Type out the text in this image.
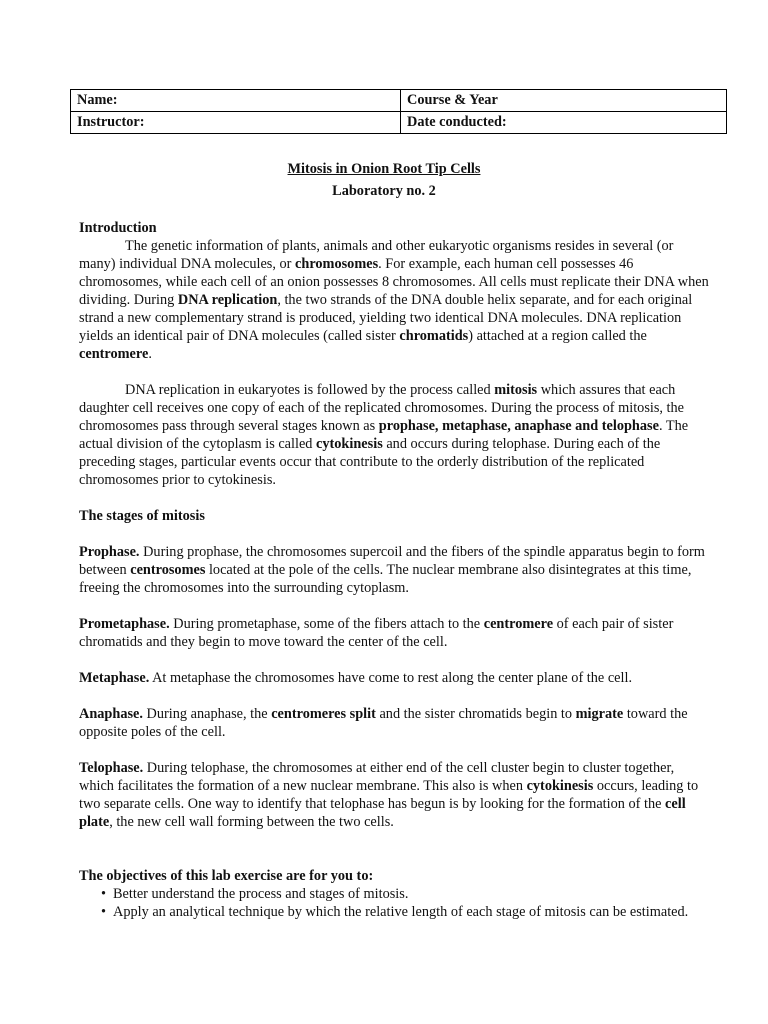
Name:	Course & Year
Instructor:	Date conducted:
Mitosis in Onion Root Tip Cells
Laboratory no. 2

Introduction

The genetic information of plants, animals and other eukaryotic organisms resides in several (or many) individual DNA molecules, or chromosomes. For example, each human cell possesses 46 chromosomes, while each cell of an onion possesses 8 chromosomes. All cells must replicate their DNA when dividing. During DNA replication, the two strands of the DNA double helix separate, and for each original strand a new complementary strand is produced, yielding two identical DNA molecules. DNA replication yields an identical pair of DNA molecules (called sister chromatids) attached at a region called the centromere.

DNA replication in eukaryotes is followed by the process called mitosis which assures that each daughter cell receives one copy of each of the replicated chromosomes. During the process of mitosis, the chromosomes pass through several stages known as prophase, metaphase, anaphase and telophase. The actual division of the cytoplasm is called cytokinesis and occurs during telophase. During each of the preceding stages, particular events occur that contribute to the orderly distribution of the replicated chromosomes prior to cytokinesis.

The stages of mitosis

Prophase. During prophase, the chromosomes supercoil and the fibers of the spindle apparatus begin to form between centrosomes located at the pole of the cells. The nuclear membrane also disintegrates at this time, freeing the chromosomes into the surrounding cytoplasm.

Prometaphase. During prometaphase, some of the fibers attach to the centromere of each pair of sister chromatids and they begin to move toward the center of the cell.

Metaphase. At metaphase the chromosomes have come to rest along the center plane of the cell.

Anaphase. During anaphase, the centromeres split and the sister chromatids begin to migrate toward the opposite poles of the cell.

Telophase. During telophase, the chromosomes at either end of the cell cluster begin to cluster together, which facilitates the formation of a new nuclear membrane. This also is when cytokinesis occurs, leading to two separate cells. One way to identify that telophase has begun is by looking for the formation of the cell plate, the new cell wall forming between the two cells.

The objectives of this lab exercise are for you to:

• Better understand the process and stages of mitosis.
• Apply an analytical technique by which the relative length of each stage of mitosis can be estimated.
